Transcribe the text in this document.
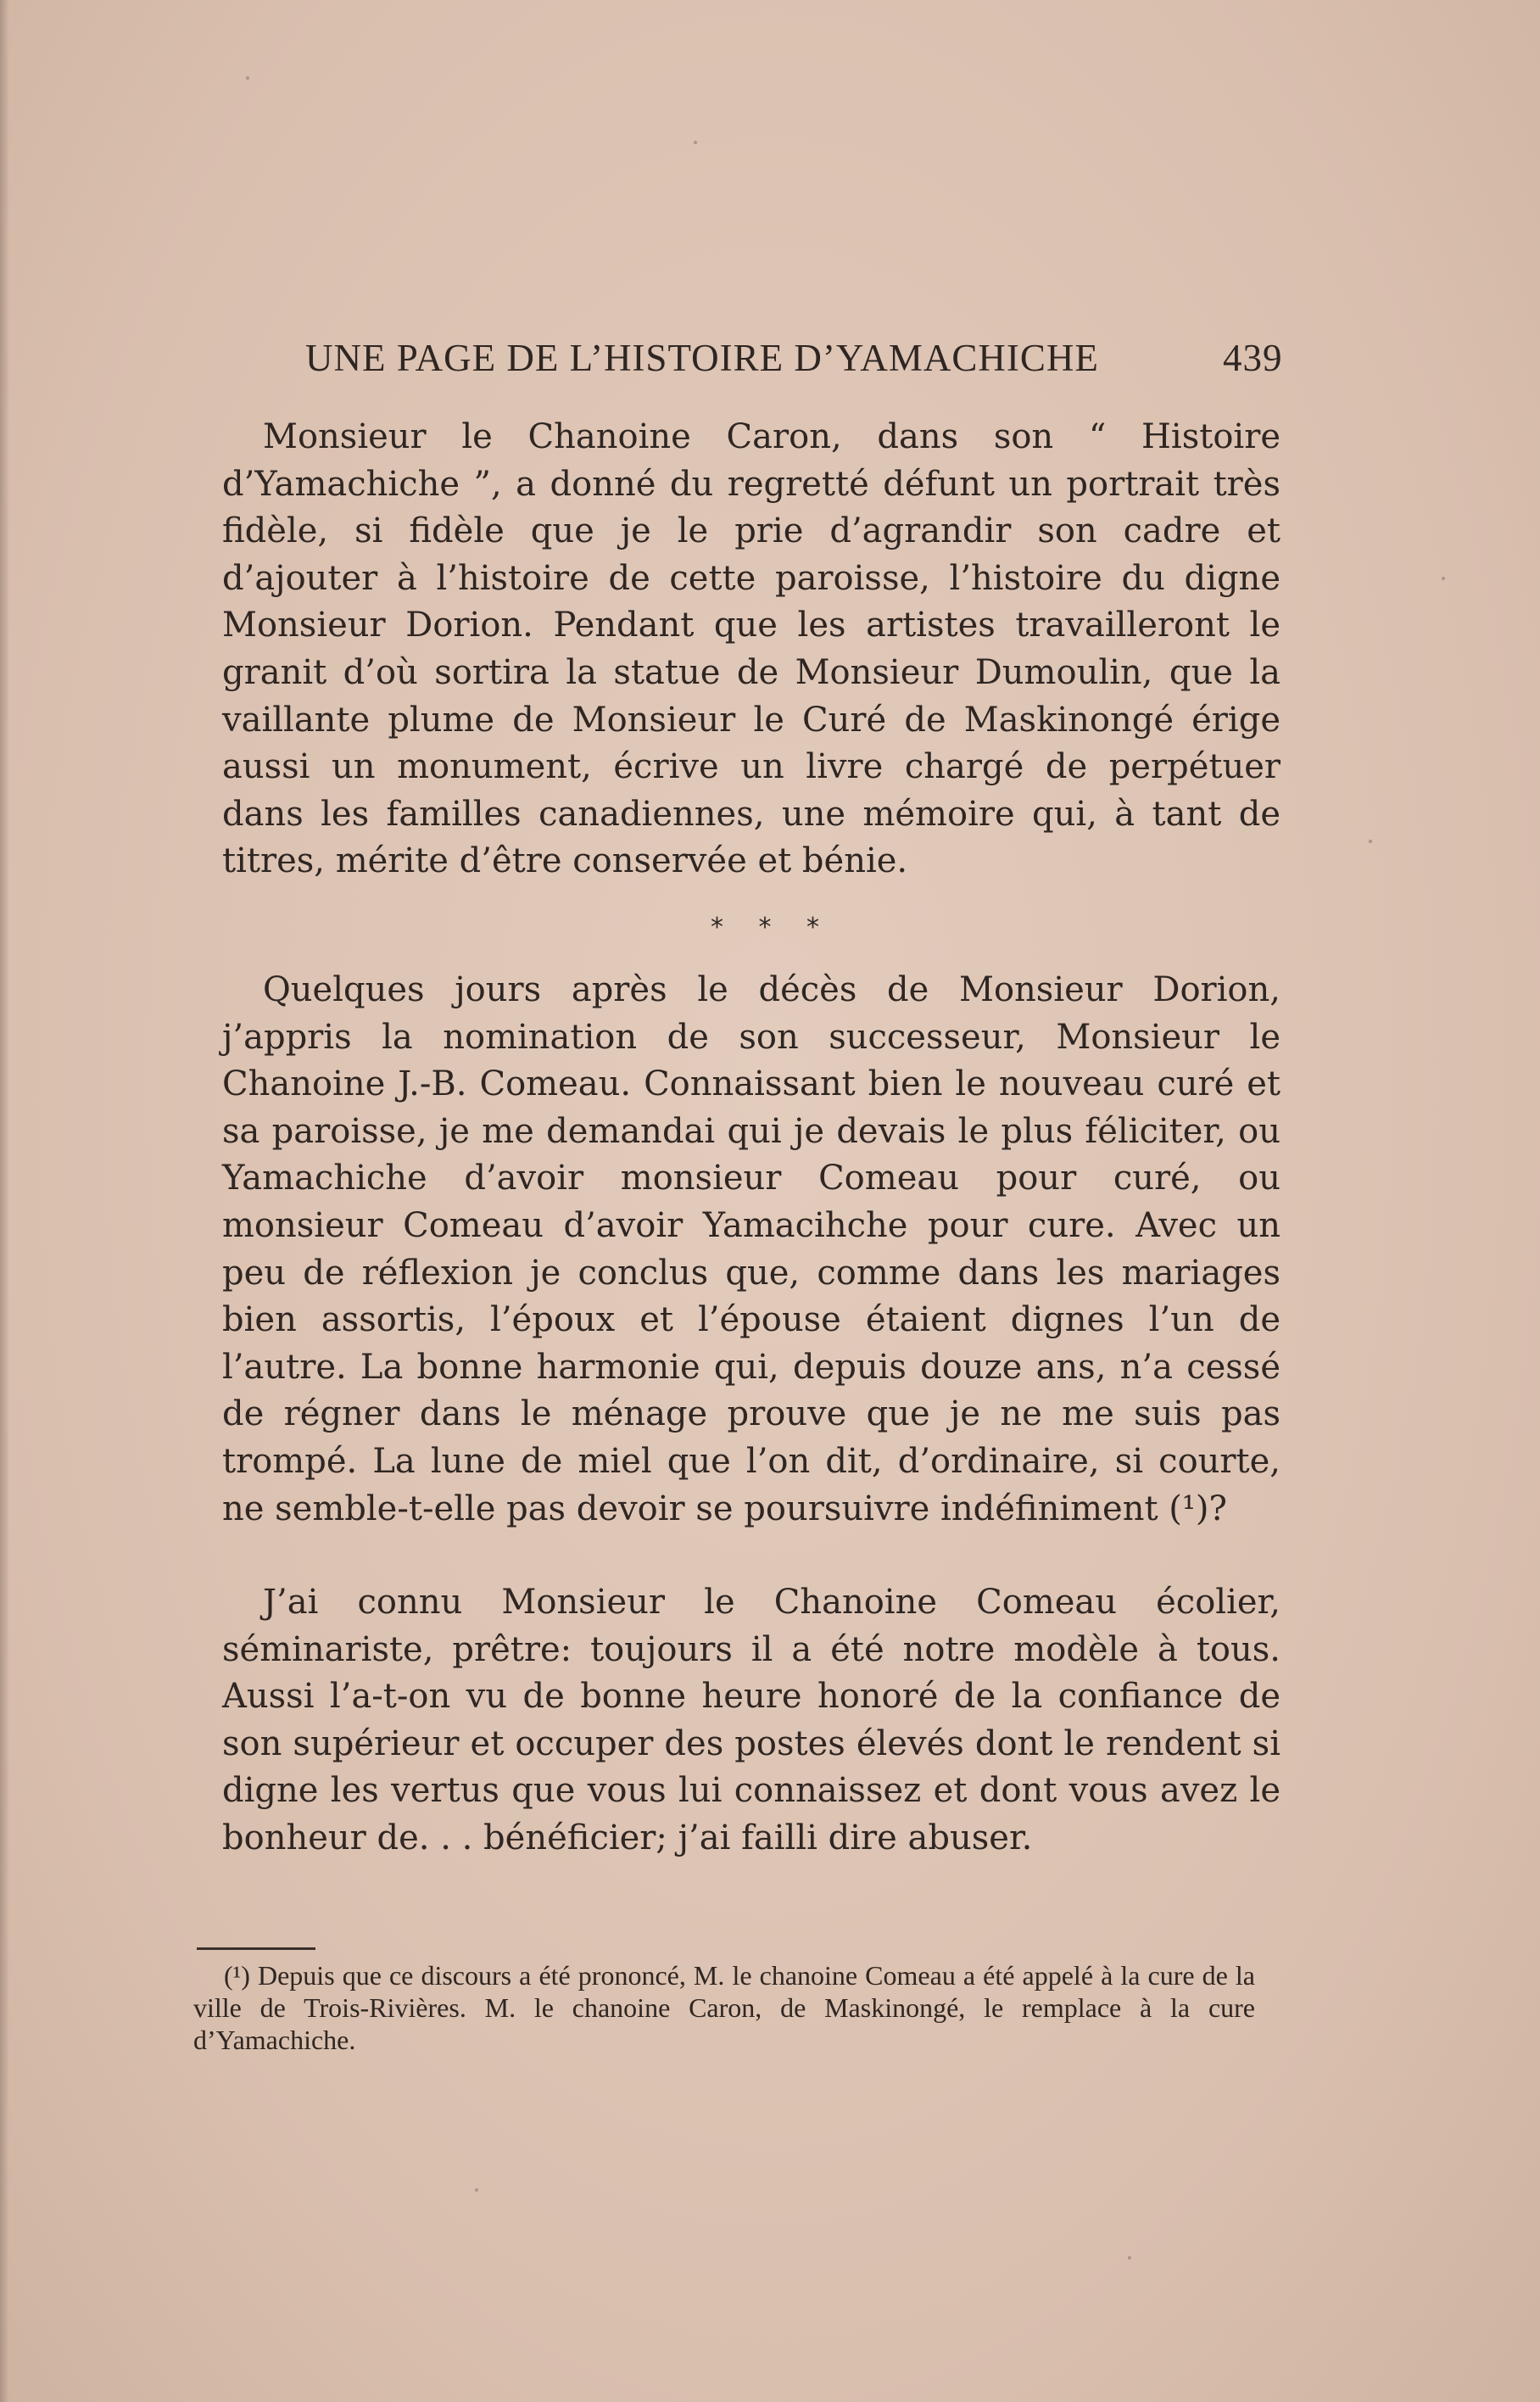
UNE PAGE DE L’HISTOIRE D’YAMACHICHE	439

Monsieur le Chanoine Caron, dans son “ Histoire d’Yamachiche ”, a donné du regretté défunt un portrait très fidèle, si fidèle que je le prie d’agrandir son cadre et d’ajouter à l’histoire de cette paroisse, l’histoire du digne Monsieur Dorion. Pendant que les artistes travailleront le granit d’où sortira la statue de Monsieur Dumoulin, que la vaillante plume de Monsieur le Curé de Maskinongé érige aussi un monument, écrive un livre chargé de perpétuer dans les familles canadiennes, une mémoire qui, à tant de titres, mérite d’être conservée et bénie.

* * *

Quelques jours après le décès de Monsieur Dorion, j’appris la nomination de son successeur, Monsieur le Chanoine J.-B. Comeau. Connaissant bien le nouveau curé et sa paroisse, je me demandai qui je devais le plus féliciter, ou Yamachiche d’avoir monsieur Comeau pour curé, ou monsieur Comeau d’avoir Yamacihche pour cure. Avec un peu de réflexion je conclus que, comme dans les mariages bien assortis, l’époux et l’épouse étaient dignes l’un de l’autre. La bonne harmonie qui, depuis douze ans, n’a cessé de régner dans le ménage prouve que je ne me suis pas trompé. La lune de miel que l’on dit, d’ordinaire, si courte, ne semble-t-elle pas devoir se poursuivre indéfiniment (¹)?

J’ai connu Monsieur le Chanoine Comeau écolier, séminariste, prêtre: toujours il a été notre modèle à tous. Aussi l’a-t-on vu de bonne heure honoré de la confiance de son supérieur et occuper des postes élevés dont le rendent si digne les vertus que vous lui connaissez et dont vous avez le bonheur de. . . bénéficier; j’ai failli dire abuser.

(¹) Depuis que ce discours a été prononcé, M. le chanoine Comeau a été appelé à la cure de la ville de Trois-Rivières. M. le chanoine Caron, de Maskinongé, le remplace à la cure d’Yamachiche.
